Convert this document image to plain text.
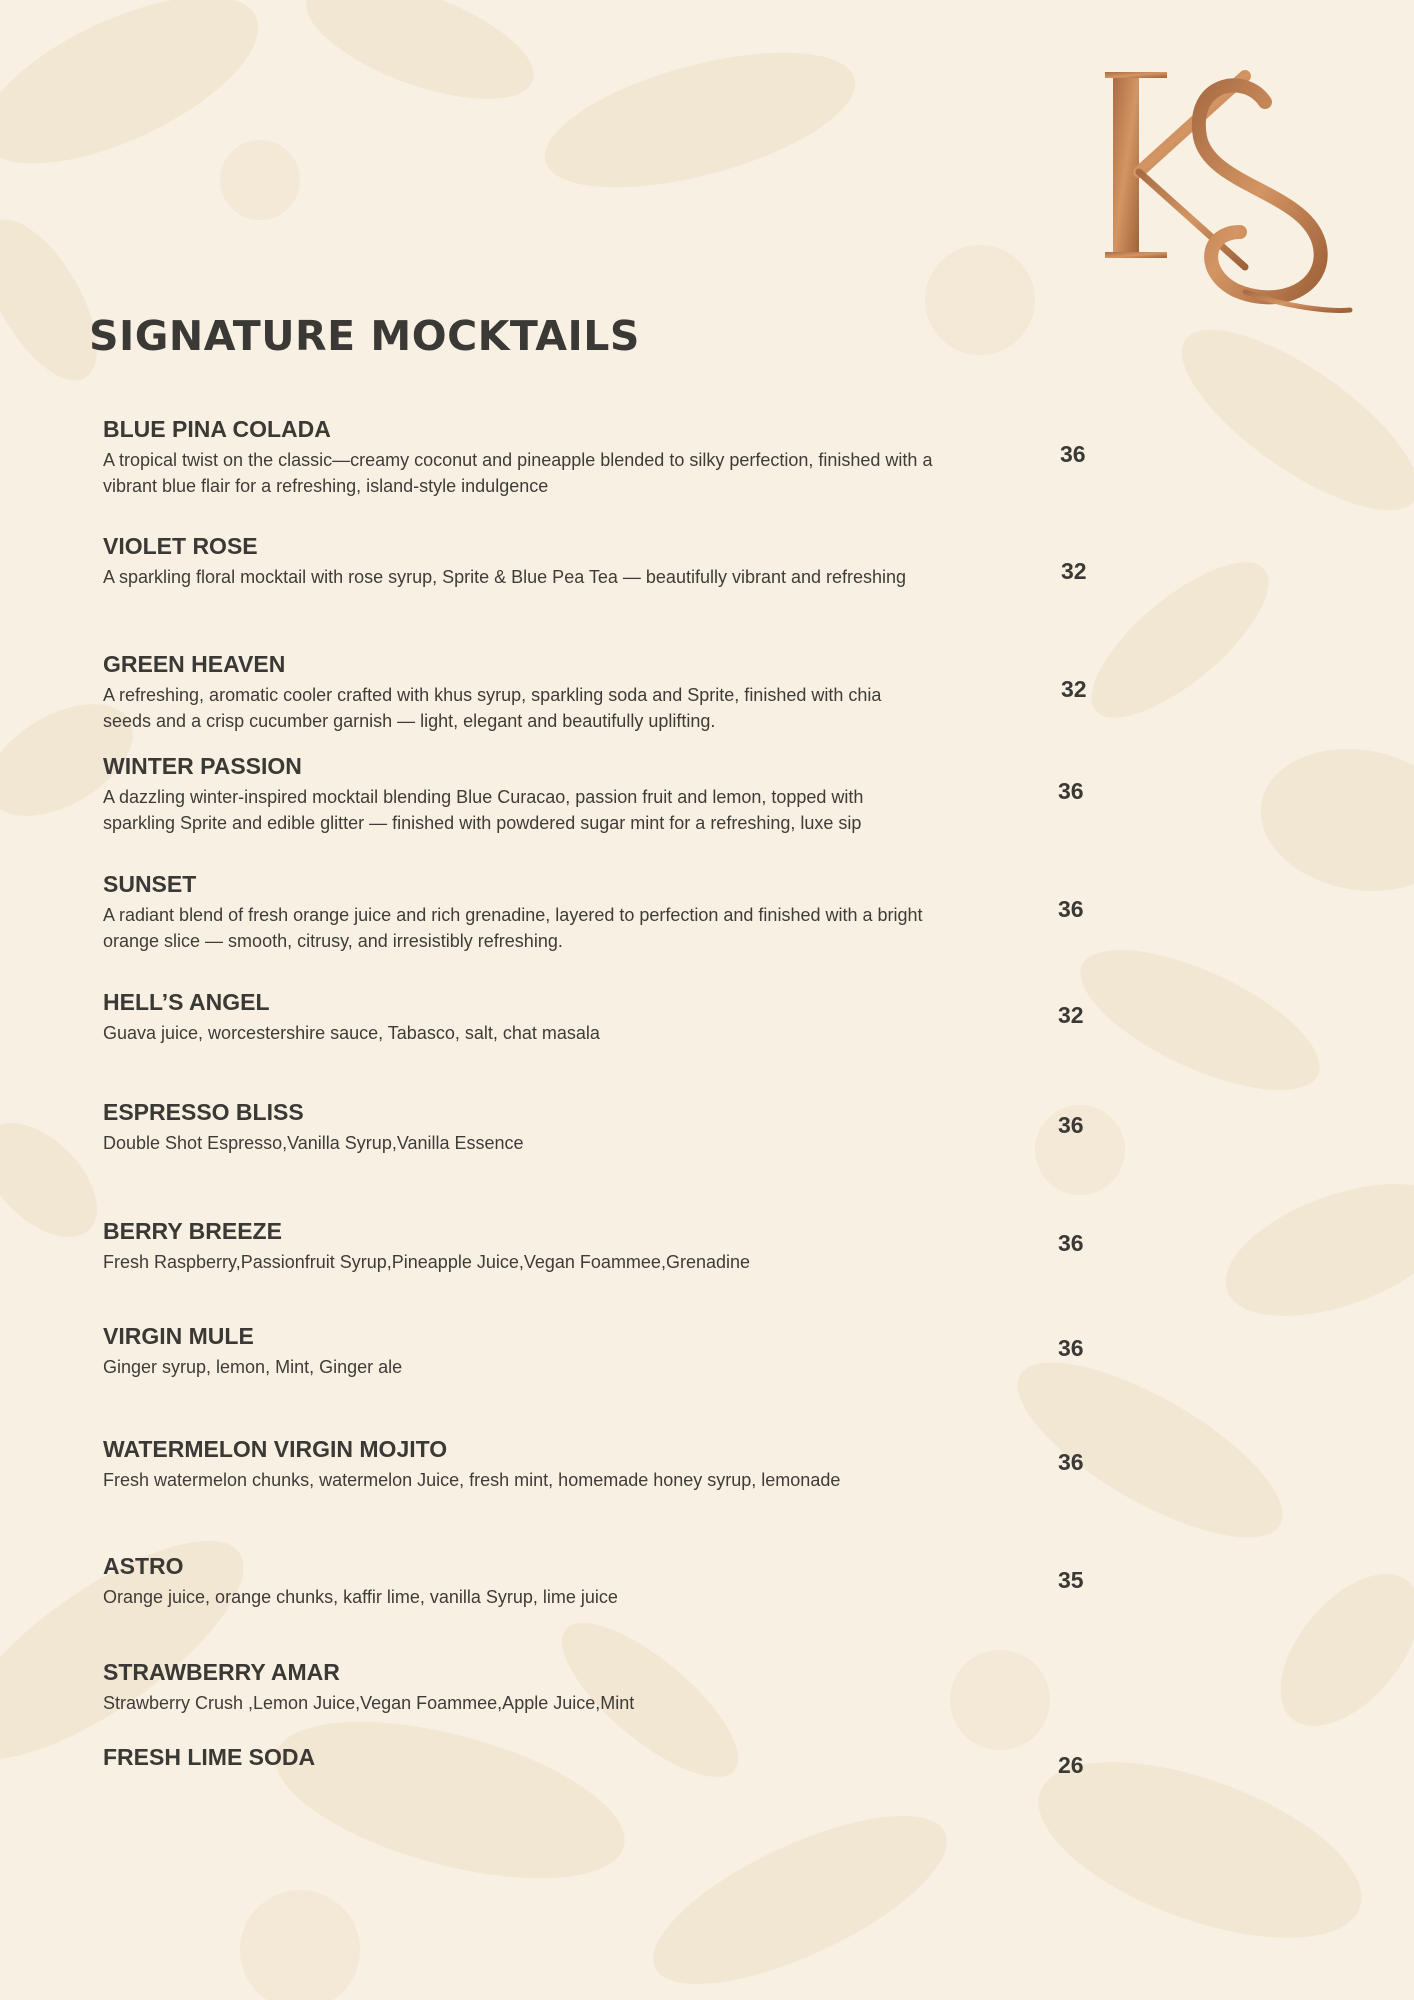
SIGNATURE MOCKTAILS
BLUE PINA COLADA
A tropical twist on the classic—creamy coconut and pineapple blended to silky perfection, finished with a vibrant blue flair for a refreshing, island-style indulgence
36
VIOLET ROSE
A sparkling floral mocktail with rose syrup, Sprite & Blue Pea Tea — beautifully vibrant and refreshing	32
GREEN HEAVEN
A refreshing, aromatic cooler crafted with khus syrup, sparkling soda and Sprite, finished with chia seeds and a crisp cucumber garnish — light, elegant and beautifully uplifting.
32
WINTER PASSION
A dazzling winter-inspired mocktail blending Blue Curacao, passion fruit and lemon, topped with sparkling Sprite and edible glitter — finished with powdered sugar mint for a refreshing, luxe sip
36
SUNSET
A radiant blend of fresh orange juice and rich grenadine, layered to perfection and finished with a bright orange slice — smooth, citrusy, and irresistibly refreshing.
36
HELL’S ANGEL
Guava juice, worcestershire sauce, Tabasco, salt, chat masala
32
ESPRESSO BLISS
Double Shot Espresso,Vanilla Syrup,Vanilla Essence
36
BERRY BREEZE
Fresh Raspberry,Passionfruit Syrup,Pineapple Juice,Vegan Foammee,Grenadine
36
VIRGIN MULE
Ginger syrup, lemon, Mint, Ginger ale
36
WATERMELON VIRGIN MOJITO
Fresh watermelon chunks, watermelon Juice, fresh mint, homemade honey syrup, lemonade
36
ASTRO
Orange juice, orange chunks, kaffir lime, vanilla Syrup, lime juice
35
STRAWBERRY AMAR
Strawberry Crush ,Lemon Juice,Vegan Foammee,Apple Juice,Mint
FRESH LIME SODA	26
